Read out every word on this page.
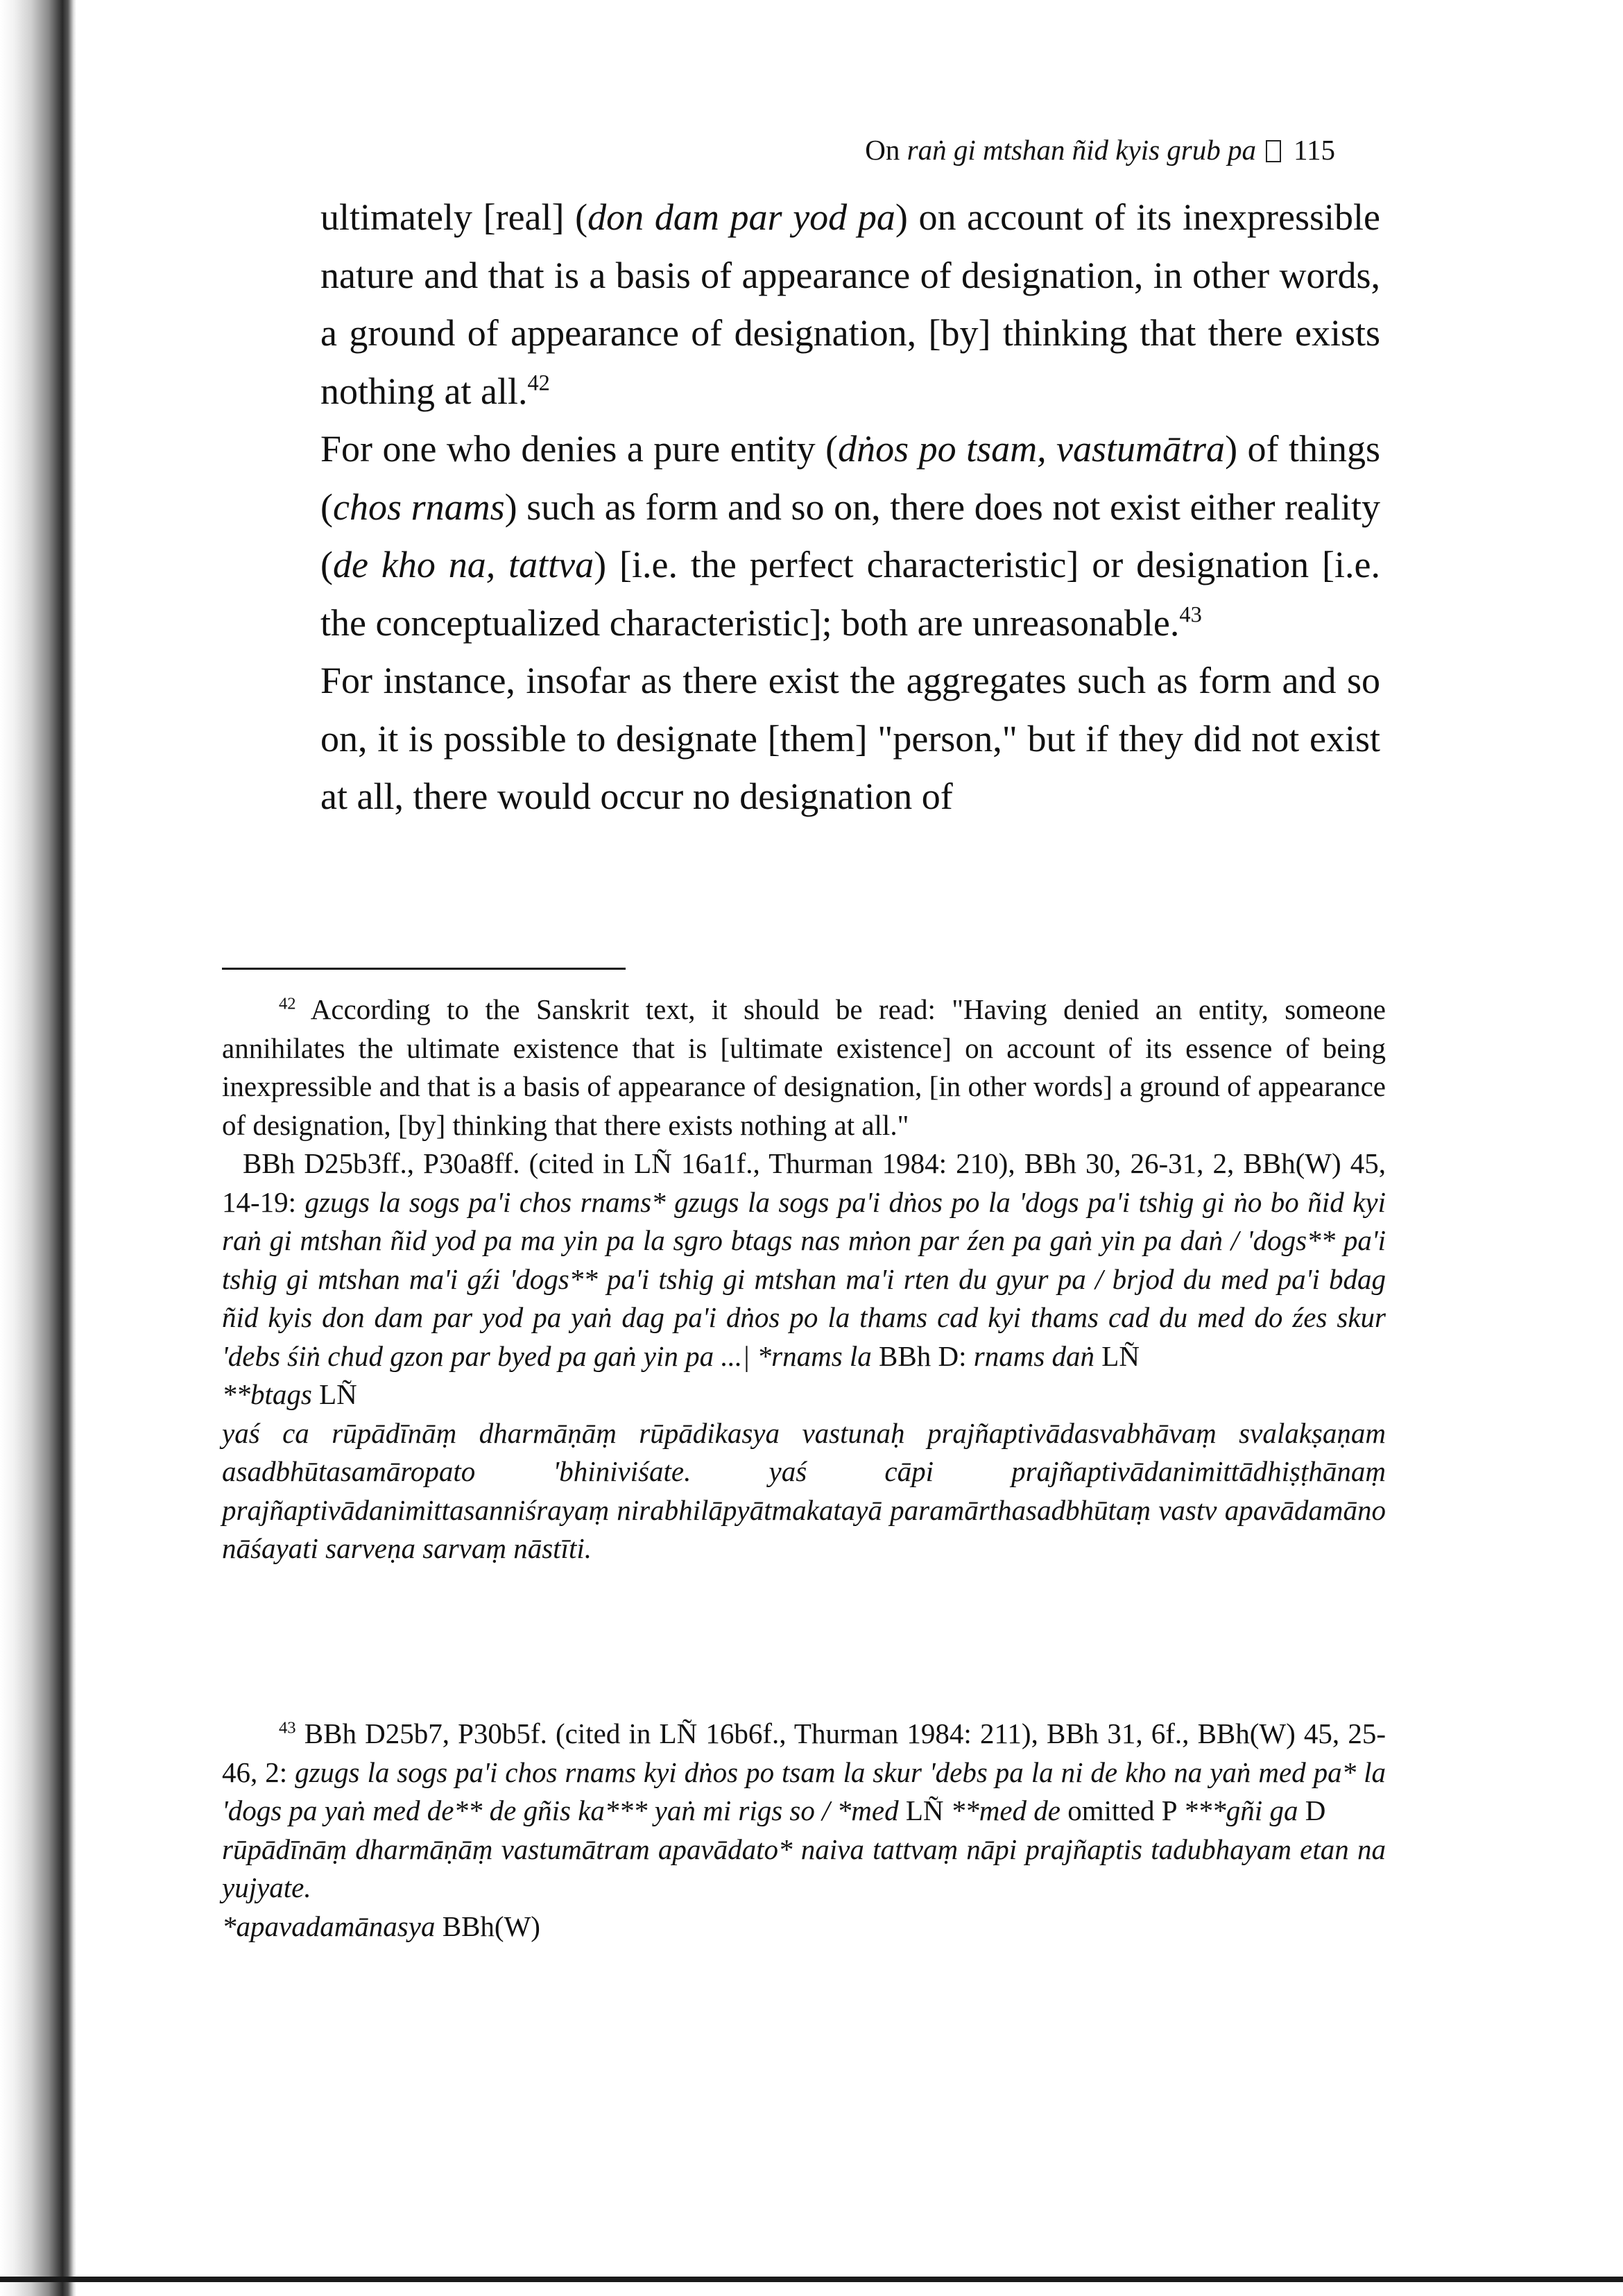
On raṅ gi mtshan ñid kyis grub pa 115

ultimately [real] (don dam par yod pa) on account of its inexpressible nature and that is a basis of appearance of designation, in other words, a ground of appearance of designation, [by] thinking that there exists nothing at all.$^{42}$

For one who denies a pure entity (dṅos po tsam, vastumātra) of things (chos rnams) such as form and so on, there does not exist either reality (de kho na, tattva) [i.e. the perfect characteristic] or designation [i.e. the conceptualized characteristic]; both are unreasonable.$^{43}$

For instance, insofar as there exist the aggregates such as form and so on, it is possible to designate [them] "person," but if they did not exist at all, there would occur no designation of

$^{42}$ According to the Sanskrit text, it should be read: "Having denied an entity, someone annihilates the ultimate existence that is [ultimate existence] on account of its essence of being inexpressible and that is a basis of appearance of designation, [in other words] a ground of appearance of designation, [by] thinking that there exists nothing at all."

BBh D25b3ff., P30a8ff. (cited in LÑ 16a1f., Thurman 1984: 210), BBh 30, 26-31, 2, BBh(W) 45, 14-19: gzugs la sogs pa'i chos rnams* gzugs la sogs pa'i dṅos po la 'dogs pa'i tshig gi ṅo bo ñid kyi raṅ gi mtshan ñid yod pa ma yin pa la sgro btags nas mṅon par źen pa gaṅ yin pa daṅ / 'dogs** pa'i tshig gi mtshan ma'i gźi 'dogs** pa'i tshig gi mtshan ma'i rten du gyur pa / brjod du med pa'i bdag ñid kyis don dam par yod pa yaṅ dag pa'i dṅos po la thams cad kyi thams cad du med do źes skur 'debs śiṅ chud gzon par byed pa gaṅ yin pa ...| *rnams la BBh D: rnams daṅ LÑ

**btags LÑ

yaś ca rūpādīnāṃ dharmāṇāṃ rūpādikasya vastunaḥ prajñaptivādasvabhāvaṃ svalakṣaṇam asadbhūtasamāropato 'bhiniviśate. yaś cāpi prajñaptivādanimittādhiṣṭhānaṃ prajñaptivādanimittasanniśrayaṃ nirabhilāpyātmakatayā paramārthasadbhūtaṃ vastv apavādamāno nāśayati sarveṇa sarvaṃ nāstīti.

$^{43}$ BBh D25b7, P30b5f. (cited in LÑ 16b6f., Thurman 1984: 211), BBh 31, 6f., BBh(W) 45, 25-46, 2: gzugs la sogs pa'i chos rnams kyi dṅos po tsam la skur 'debs pa la ni de kho na yaṅ med pa* la 'dogs pa yaṅ med de** de gñis ka*** yaṅ mi rigs so / *med LÑ **med de omitted P ***gñi ga D

rūpādīnāṃ dharmāṇāṃ vastumātram apavādato* naiva tattvaṃ nāpi prajñaptis tadubhayam etan na yujyate.

*apavadamānasya BBh(W)
